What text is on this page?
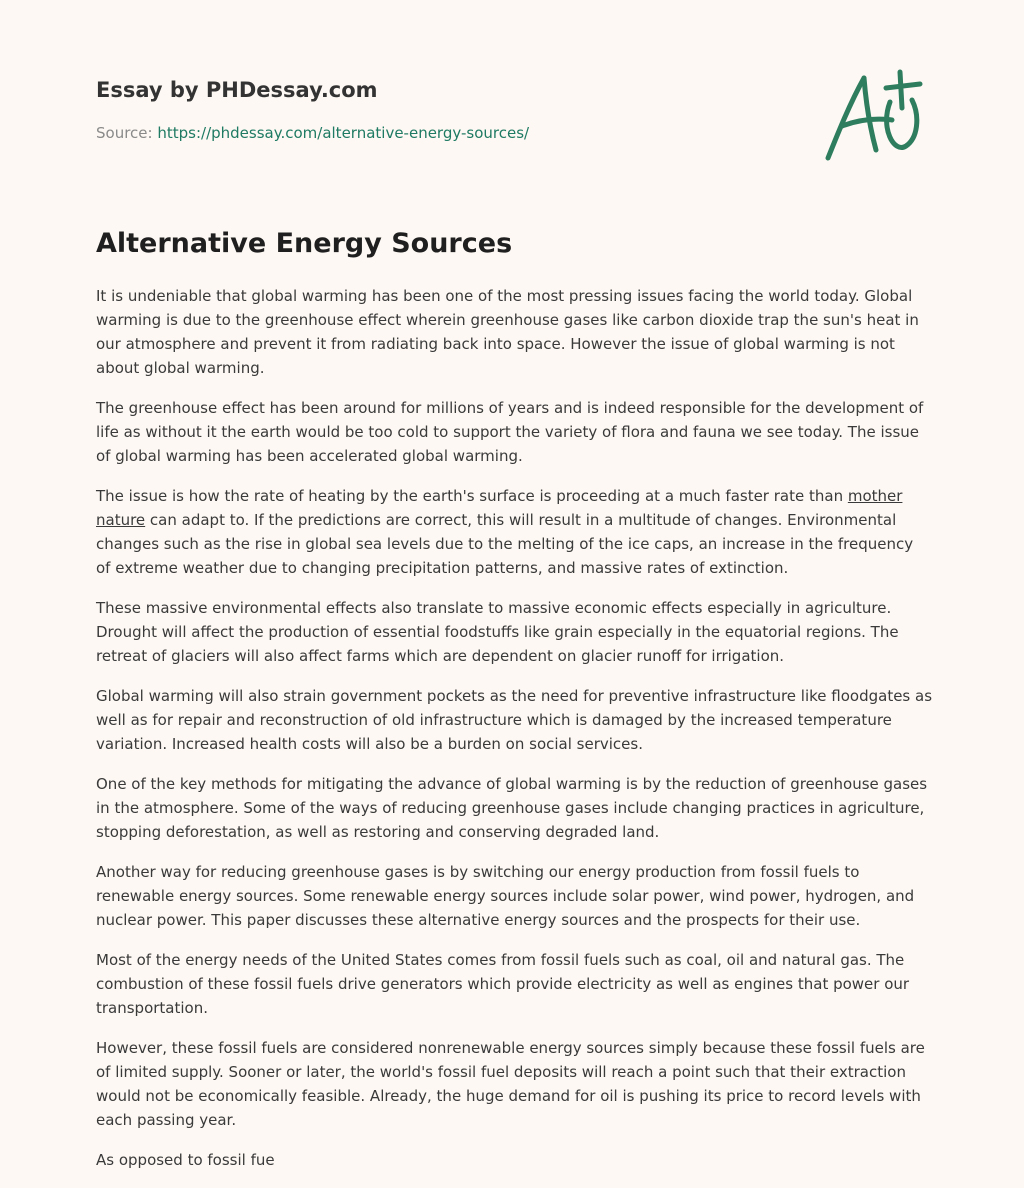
Essay by PHDessay.com
Source: https://phdessay.com/alternative-energy-sources/
Alternative Energy Sources

It is undeniable that global warming has been one of the most pressing issues facing the world today. Global warming is due to the greenhouse effect wherein greenhouse gases like carbon dioxide trap the sun's heat in our atmosphere and prevent it from radiating back into space. However the issue of global warming is not about global warming.

The greenhouse effect has been around for millions of years and is indeed responsible for the development of life as without it the earth would be too cold to support the variety of flora and fauna we see today. The issue of global warming has been accelerated global warming.

The issue is how the rate of heating by the earth's surface is proceeding at a much faster rate than mother nature can adapt to. If the predictions are correct, this will result in a multitude of changes. Environmental changes such as the rise in global sea levels due to the melting of the ice caps, an increase in the frequency of extreme weather due to changing precipitation patterns, and massive rates of extinction.

These massive environmental effects also translate to massive economic effects especially in agriculture. Drought will affect the production of essential foodstuffs like grain especially in the equatorial regions. The retreat of glaciers will also affect farms which are dependent on glacier runoff for irrigation.

Global warming will also strain government pockets as the need for preventive infrastructure like floodgates as well as for repair and reconstruction of old infrastructure which is damaged by the increased temperature variation. Increased health costs will also be a burden on social services.

One of the key methods for mitigating the advance of global warming is by the reduction of greenhouse gases in the atmosphere. Some of the ways of reducing greenhouse gases include changing practices in agriculture, stopping deforestation, as well as restoring and conserving degraded land.

Another way for reducing greenhouse gases is by switching our energy production from fossil fuels to renewable energy sources. Some renewable energy sources include solar power, wind power, hydrogen, and nuclear power. This paper discusses these alternative energy sources and the prospects for their use.

Most of the energy needs of the United States comes from fossil fuels such as coal, oil and natural gas. The combustion of these fossil fuels drive generators which provide electricity as well as engines that power our transportation.

However, these fossil fuels are considered nonrenewable energy sources simply because these fossil fuels are of limited supply. Sooner or later, the world's fossil fuel deposits will reach a point such that their extraction would not be economically feasible. Already, the huge demand for oil is pushing its price to record levels with each passing year.

As opposed to fossil fue
